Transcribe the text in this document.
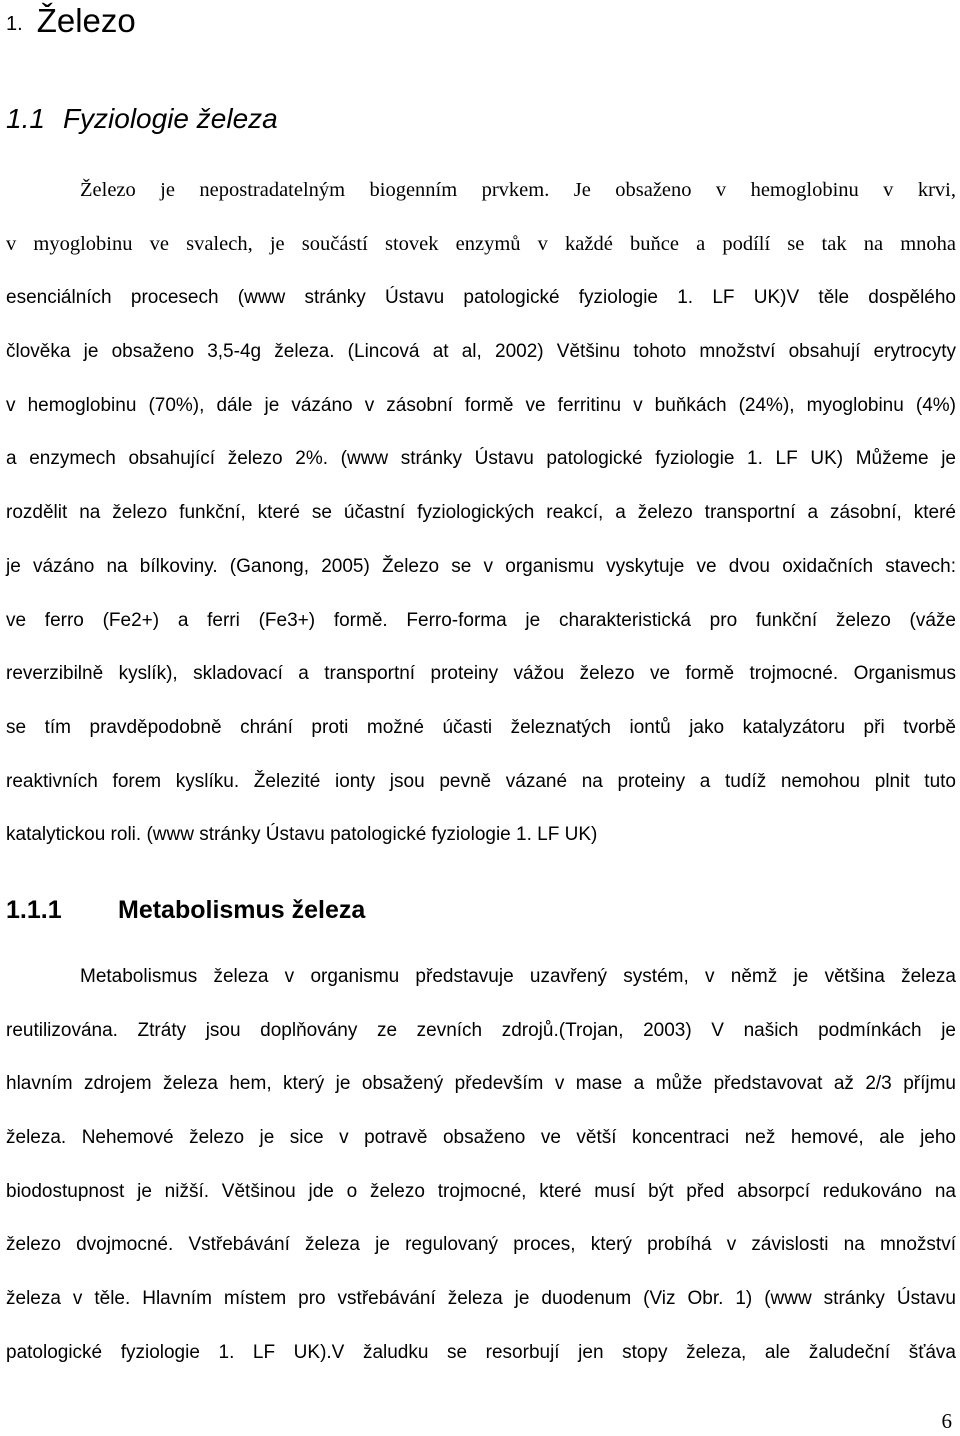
1. Železo
1.1 Fyziologie železa
Železo je nepostradatelným biogenním prvkem. Je obsaženo v hemoglobinu v krvi,
v myoglobinu ve svalech, je součástí stovek enzymů v každé buňce a podílí se tak na mnoha
esenciálních procesech (www stránky Ústavu patologické fyziologie 1. LF UK)V těle dospělého
člověka je obsaženo 3,5-4g železa. (Lincová at al, 2002) Většinu tohoto množství obsahují erytrocyty
v hemoglobinu (70%), dále je vázáno v zásobní formě ve ferritinu v buňkách (24%), myoglobinu (4%)
a enzymech obsahující železo 2%. (www stránky Ústavu patologické fyziologie 1. LF UK) Můžeme je
rozdělit na železo funkční, které se účastní fyziologických reakcí, a železo transportní a zásobní, které
je vázáno na bílkoviny. (Ganong, 2005) Železo se v organismu vyskytuje ve dvou oxidačních stavech:
ve ferro (Fe2+) a ferri (Fe3+) formě. Ferro-forma je charakteristická pro funkční železo (váže
reverzibilně kyslík), skladovací a transportní proteiny vážou železo ve formě trojmocné. Organismus
se tím pravděpodobně chrání proti možné účasti železnatých iontů jako katalyzátoru při tvorbě
reaktivních forem kyslíku. Železité ionty jsou pevně vázané na proteiny a tudíž nemohou plnit tuto
katalytickou roli. (www stránky Ústavu patologické fyziologie 1. LF UK)
1.1.1 Metabolismus železa
Metabolismus železa v organismu představuje uzavřený systém, v němž je většina železa
reutilizována. Ztráty jsou doplňovány ze zevních zdrojů.(Trojan, 2003) V našich podmínkách je
hlavním zdrojem železa hem, který je obsažený především v mase a může představovat až 2/3 příjmu
železa. Nehemové železo je sice v potravě obsaženo ve větší koncentraci než hemové, ale jeho
biodostupnost je nižší. Většinou jde o železo trojmocné, které musí být před absorpcí redukováno na
železo dvojmocné. Vstřebávání železa je regulovaný proces, který probíhá v závislosti na množství
železa v těle. Hlavním místem pro vstřebávání železa je duodenum (Viz Obr. 1) (www stránky Ústavu
patologické fyziologie 1. LF UK).V žaludku se resorbují jen stopy železa, ale žaludeční šťáva
6
